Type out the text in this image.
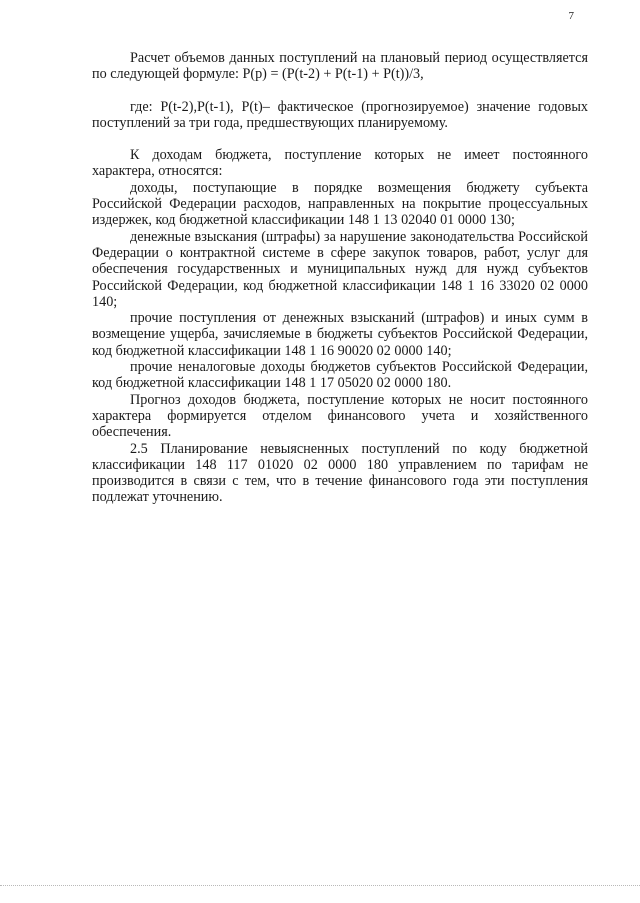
7

Расчет объемов данных поступлений на плановый период осуществляется по следующей формуле: P(p) = (P(t-2) + P(t-1) + P(t))/3,

где: P(t-2),P(t-1), P(t)– фактическое (прогнозируемое) значение годовых поступлений за три года, предшествующих планируемому.

К доходам бюджета, поступление которых не имеет постоянного характера, относятся:

доходы, поступающие в порядке возмещения бюджету субъекта Российской Федерации расходов, направленных на покрытие процессуальных издержек, код бюджетной классификации 148 1 13 02040 01 0000 130;

денежные взыскания (штрафы) за нарушение законодательства Российской Федерации о контрактной системе в сфере закупок товаров, работ, услуг для обеспечения государственных и муниципальных нужд для нужд субъектов Российской Федерации, код бюджетной классификации 148 1 16 33020 02 0000 140;

прочие поступления от денежных взысканий (штрафов) и иных сумм в возмещение ущерба, зачисляемые в бюджеты субъектов Российской Федерации, код бюджетной классификации 148 1 16 90020 02 0000 140;

прочие неналоговые доходы бюджетов субъектов Российской Федерации, код бюджетной классификации 148 1 17 05020 02 0000 180.

Прогноз доходов бюджета, поступление которых не носит постоянного характера формируется отделом финансового учета и хозяйственного обеспечения.

2.5 Планирование невыясненных поступлений по коду бюджетной классификации 148 117 01020 02 0000 180 управлением по тарифам не производится в связи с тем, что в течение финансового года эти поступления подлежат уточнению.
